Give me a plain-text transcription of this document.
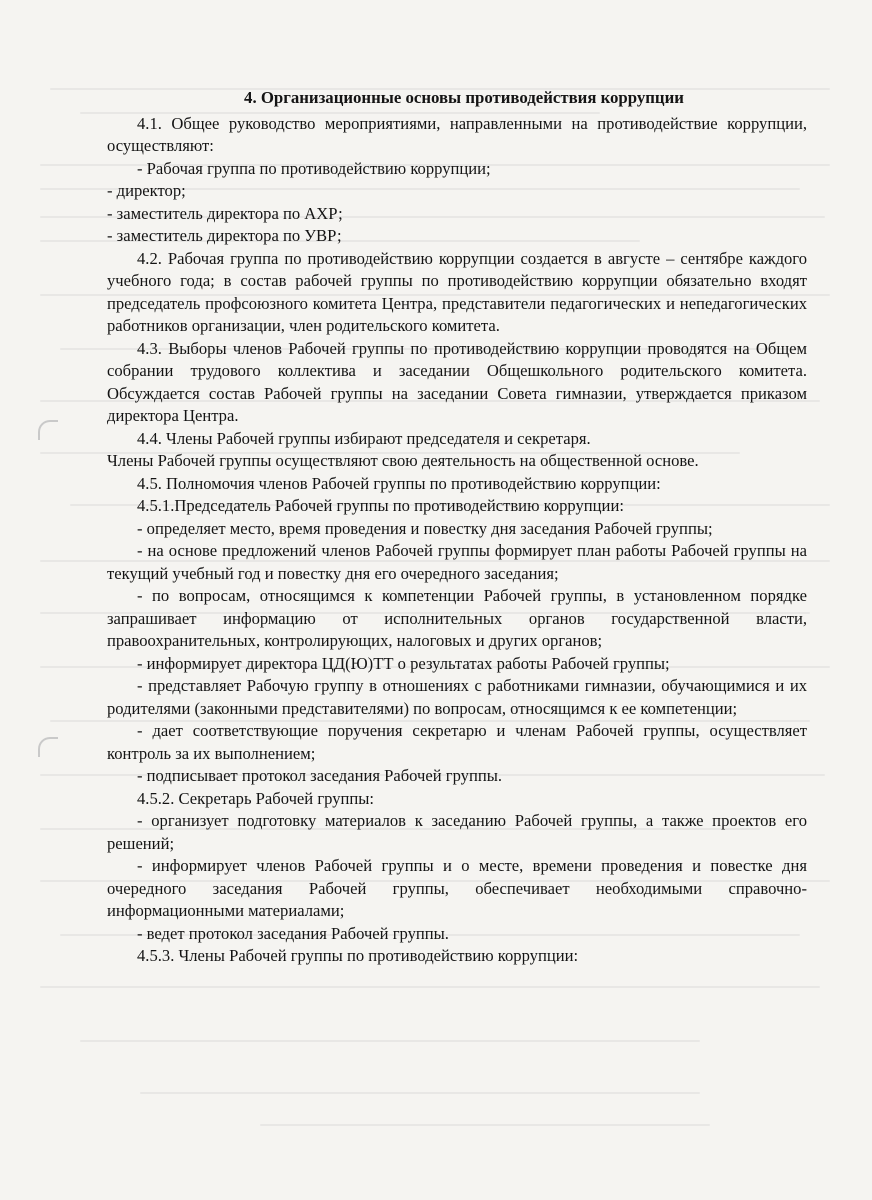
4. Организационные основы противодействия коррупции

4.1. Общее руководство мероприятиями, направленными на противодействие коррупции, осуществляют:

- Рабочая группа по противодействию коррупции;

- директор;

- заместитель директора по АХР;

- заместитель директора по УВР;

4.2. Рабочая группа по противодействию коррупции создается в августе – сентябре каждого учебного года; в состав рабочей группы по противодействию коррупции обязательно входят председатель профсоюзного комитета Центра, представители педагогических и непедагогических работников организации, член родительского комитета.

4.3. Выборы членов Рабочей группы по противодействию коррупции проводятся на Общем собрании трудового коллектива и заседании Общешкольного родительского комитета. Обсуждается состав Рабочей группы на заседании Совета гимназии, утверждается приказом директора Центра.

4.4. Члены Рабочей группы избирают председателя и секретаря.

Члены Рабочей группы осуществляют свою деятельность на общественной основе.

4.5. Полномочия членов Рабочей группы по противодействию коррупции:

4.5.1.Председатель Рабочей группы по противодействию коррупции:

- определяет место, время проведения и повестку дня заседания Рабочей группы;

- на основе предложений членов Рабочей группы формирует план работы Рабочей группы на текущий учебный год и повестку дня его очередного заседания;

- по вопросам, относящимся к компетенции Рабочей группы, в установленном порядке запрашивает информацию от исполнительных органов государственной власти, правоохранительных, контролирующих, налоговых и других органов;

- информирует директора ЦД(Ю)ТТ о результатах работы Рабочей группы;

- представляет Рабочую группу в отношениях с работниками гимназии, обучающимися и их родителями (законными представителями) по вопросам, относящимся к ее компетенции;

- дает соответствующие поручения секретарю и членам Рабочей группы, осуществляет контроль за их выполнением;

- подписывает протокол заседания Рабочей группы.

4.5.2. Секретарь Рабочей группы:

- организует подготовку материалов к заседанию Рабочей группы, а также проектов его решений;

- информирует членов Рабочей группы и о месте, времени проведения и повестке дня очередного заседания Рабочей группы, обеспечивает необходимыми справочно-информационными материалами;

- ведет протокол заседания Рабочей группы.

4.5.3. Члены Рабочей группы по противодействию коррупции:
